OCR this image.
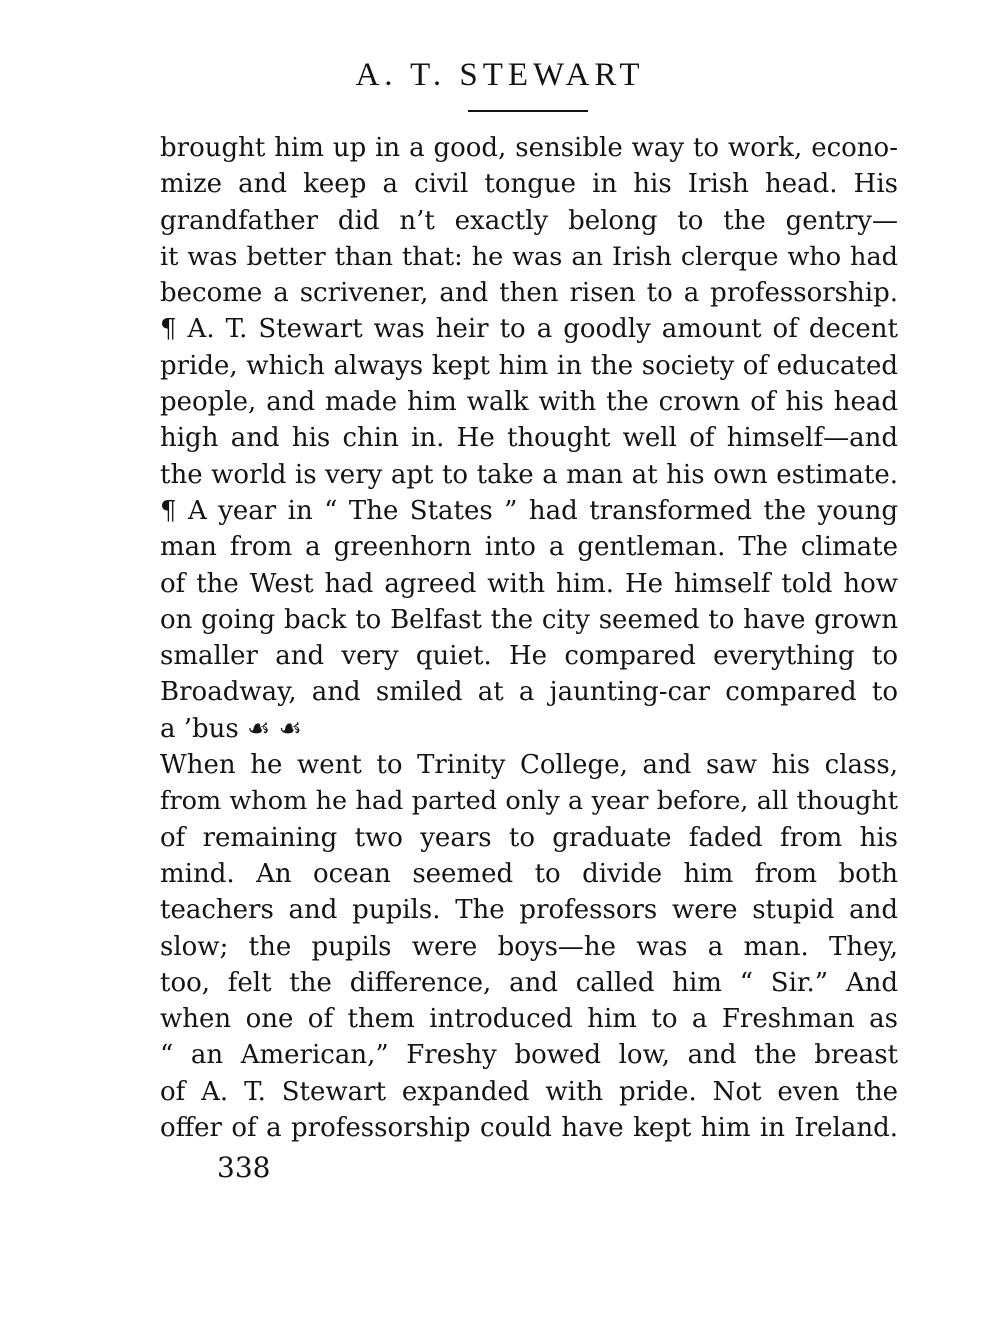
A. T. STEWART
brought him up in a good, sensible way to work, econo-
mize and keep a civil tongue in his Irish head. His
grandfather did n’t exactly belong to the gentry—
it was better than that: he was an Irish clerque who had
become a scrivener, and then risen to a professorship.
¶ A. T. Stewart was heir to a goodly amount of decent
pride, which always kept him in the society of educated
people, and made him walk with the crown of his head
high and his chin in. He thought well of himself—and
the world is very apt to take a man at his own estimate.
¶ A year in “ The States ” had transformed the young
man from a greenhorn into a gentleman. The climate
of the West had agreed with him. He himself told how
on going back to Belfast the city seemed to have grown
smaller and very quiet. He compared everything to
Broadway, and smiled at a jaunting-car compared to
a ’bus ☙ ☙
When he went to Trinity College, and saw his class,
from whom he had parted only a year before, all thought
of remaining two years to graduate faded from his
mind. An ocean seemed to divide him from both
teachers and pupils. The professors were stupid and
slow; the pupils were boys—he was a man. They,
too, felt the difference, and called him “ Sir.” And
when one of them introduced him to a Freshman as
“ an American,” Freshy bowed low, and the breast
of A. T. Stewart expanded with pride. Not even the
offer of a professorship could have kept him in Ireland.
338
